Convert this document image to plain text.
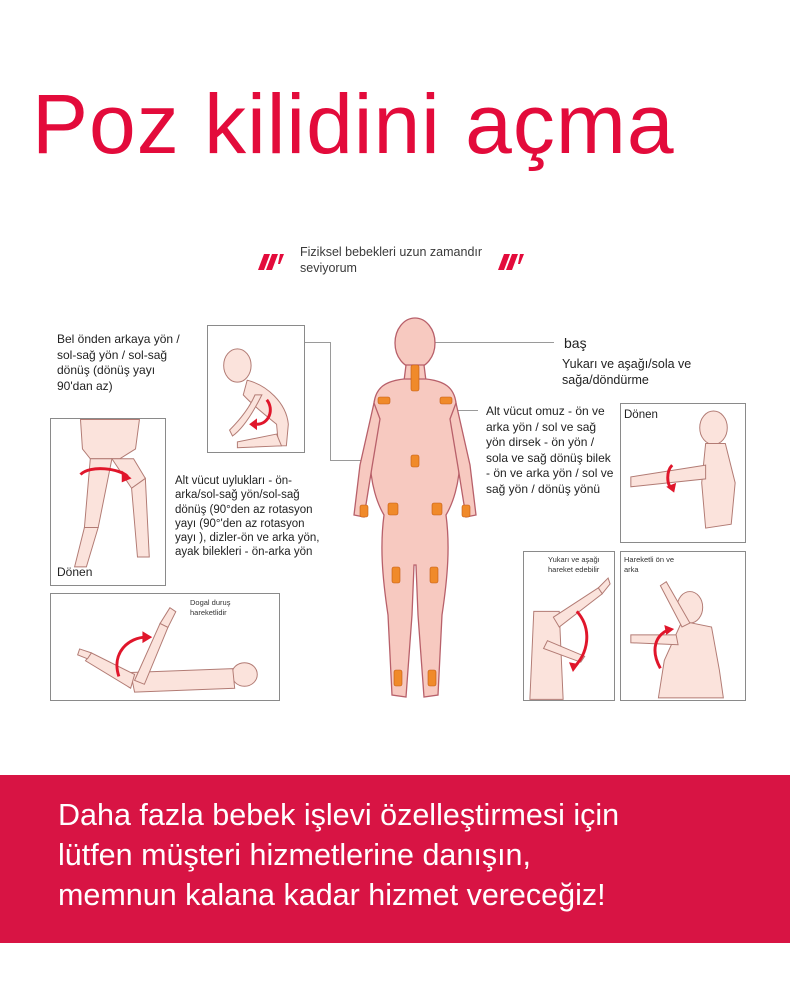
Poz kilidini açma
Fiziksel bebekleri uzun zamandır seviyorum
Bel önden arkaya yön / sol-sağ yön / sol-sağ dönüş (dönüş yayı 90'dan az)
Dönen
Dogal duruş hareketlidir
Alt vücut uylukları - ön-arka/sol-sağ yön/sol-sağ dönüş (90°den az rotasyon yayı (90°'den az rotasyon yayı ), dizler-ön ve arka yön, ayak bilekleri - ön-arka yön
baş
Yukarı ve aşağı/sola ve sağa/döndürme
Alt vücut omuz - ön ve arka yön / sol ve sağ yön dirsek - ön yön / sola ve sağ dönüş bilek - ön ve arka yön / sol ve sağ yön / dönüş yönü
Dönen
Yukarı ve aşağı hareket edebilir
Hareketli ön ve arka
Daha fazla bebek işlevi özelleştirmesi için
lütfen müşteri hizmetlerine danışın,
memnun kalana kadar hizmet vereceğiz!
